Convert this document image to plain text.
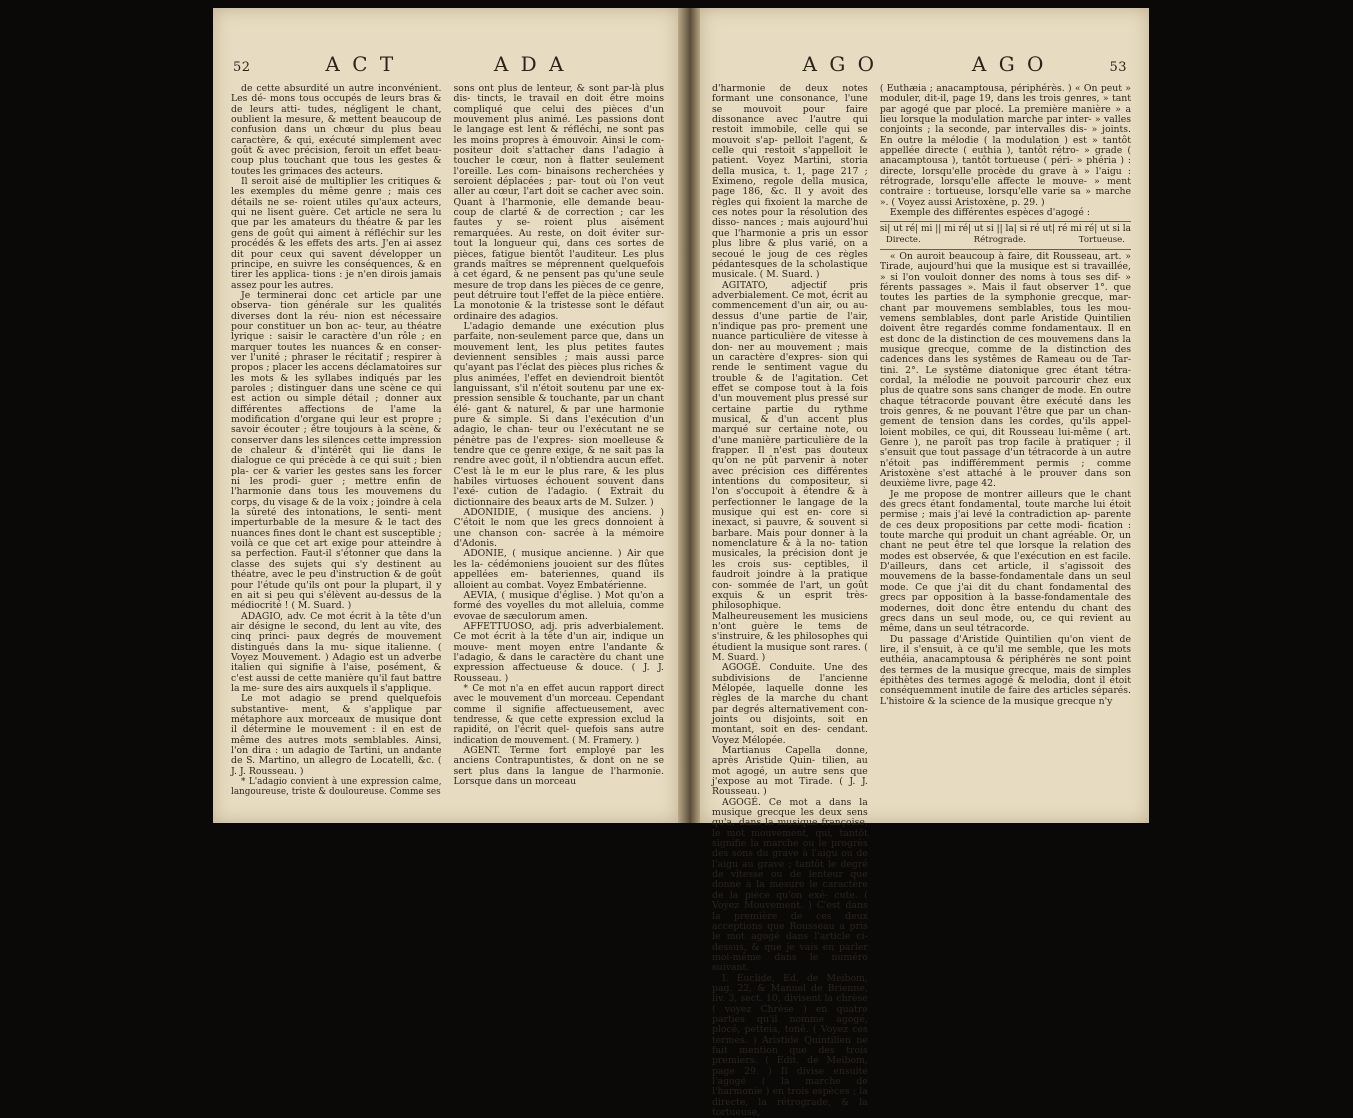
52	A C T	A D A

de cette absurdité un autre inconvénient. Les dé- mons tous occupés de leurs bras & de leurs atti- tudes, négligent le chant, oublient la mesure, & mettent beaucoup de confusion dans un chœur du plus beau caractère, & qui, exécuté simplement avec goût & avec précision, feroit un effet beau- coup plus touchant que tous les gestes & toutes les grimaces des acteurs.

Il seroit aisé de multiplier les critiques & les exemples du même genre ; mais ces détails ne se- roient utiles qu'aux acteurs, qui ne lisent guère. Cet article ne sera lu que par les amateurs du théatre & par les gens de goût qui aiment à réfléchir sur les procédés & les effets des arts. J'en ai assez dit pour ceux qui savent développer un principe, en suivre les conséquences, & en tirer les applica- tions : je n'en dirois jamais assez pour les autres.

Je terminerai donc cet article par une observa- tion générale sur les qualités diverses dont la réu- nion est nécessaire pour constituer un bon ac- teur, au théatre lyrique : saisir le caractère d'un rôle ; en marquer toutes les nuances & en conser- ver l'unité ; phraser le récitatif ; respirer à propos ; placer les accens déclamatoires sur les mots & les syllabes indiqués par les paroles ; distinguer dans une scène ce qui est action ou simple détail ; donner aux différentes affections de l'ame la modification d'organe qui leur est propre ; savoir écouter ; être toujours à la scène, & conserver dans les silences cette impression de chaleur & d'intérêt qui lie dans le dialogue ce qui précède à ce qui suit ; bien pla- cer & varier les gestes sans les forcer ni les prodi- guer ; mettre enfin de l'harmonie dans tous les mouvemens du corps, du visage & de la voix ; joindre à cela la sûreté des intonations, le senti- ment imperturbable de la mesure & le tact des nuances fines dont le chant est susceptible ; voilà ce que cet art exige pour atteindre à sa perfection. Faut-il s'étonner que dans la classe des sujets qui s'y destinent au théatre, avec le peu d'instruction & de goût pour l'étude qu'ils ont pour la plupart, il y en ait si peu qui s'élèvent au-dessus de la médiocrité ! ( M. Suard. )

ADAGIO, adv. Ce mot écrit à la tête d'un air désigne le second, du lent au vîte, des cinq princi- paux degrés de mouvement distingués dans la mu- sique italienne. ( Voyez Mouvement. ) Adagio est un adverbe italien qui signifie à l'aise, posément, & c'est aussi de cette manière qu'il faut battre la me- sure des airs auxquels il s'applique.

Le mot adagio se prend quelquefois substantive- ment, & s'applique par métaphore aux morceaux de musique dont il détermine le mouvement : il en est de même des autres mots semblables. Ainsi, l'on dira : un adagio de Tartini, un andante de S. Martino, un allegro de Locatelli, &c. ( J. J. Rousseau. )

* L'adagio convient à une expression calme, langoureuse, triste & douloureuse. Comme ses

sons ont plus de lenteur, & sont par-là plus dis- tincts, le travail en doit être moins compliqué que celui des pièces d'un mouvement plus animé. Les passions dont le langage est lent & réfléchi, ne sont pas les moins propres à émouvoir. Ainsi le com- positeur doit s'attacher dans l'adagio à toucher le cœur, non à flatter seulement l'oreille. Les com- binaisons recherchées y seroient déplacées ; par- tout où l'on veut aller au cœur, l'art doit se cacher avec soin. Quant à l'harmonie, elle demande beau- coup de clarté & de correction ; car les fautes y se- roient plus aisément remarquées. Au reste, on doit éviter sur-tout la longueur qui, dans ces sortes de pièces, fatigue bientôt l'auditeur. Les plus grands maîtres se méprennent quelquefois à cet égard, & ne pensent pas qu'une seule mesure de trop dans les pièces de ce genre, peut détruire tout l'effet de la pièce entière. La monotonie & la tristesse sont le défaut ordinaire des adagios.

L'adagio demande une exécution plus parfaite, non-seulement parce que, dans un mouvement lent, les plus petites fautes deviennent sensibles ; mais aussi parce qu'ayant pas l'éclat des pièces plus riches & plus animées, l'effet en deviendroit bientôt languissant, s'il n'étoit soutenu par une ex- pression sensible & touchante, par un chant élé- gant & naturel, & par une harmonie pure & simple. Si dans l'exécution d'un adagio, le chan- teur ou l'exécutant ne se pénètre pas de l'expres- sion moelleuse & tendre que ce genre exige, & ne sait pas la rendre avec goût, il n'obtiendra aucun effet. C'est là le m eur le plus rare, & les plus habiles virtuoses échouent souvent dans l'exé- cution de l'adagio. ( Extrait du dictionnaire des beaux arts de M. Sulzer. )

ADONIDIE, ( musique des anciens. ) C'étoit le nom que les grecs donnoient à une chanson con- sacrée à la mémoire d'Adonis.

ADONIE, ( musique ancienne. ) Air que les la- cédémoniens jouoient sur des flûtes appellées em- bateriennes, quand ils alloient au combat. Voyez Embatérienne.

AEVIA, ( musique d'église. ) Mot qu'on a formé des voyelles du mot alleluia, comme evovae de sæculorum amen.

AFFETTUOSO, adj. pris adverbialement. Ce mot écrit à la tête d'un air, indique un mouve- ment moyen entre l'andante & l'adagio, & dans le caractère du chant une expression affectueuse & douce. ( J. J. Rousseau. )

* Ce mot n'a en effet aucun rapport direct avec le mouvement d'un morceau. Cependant comme il signifie affectueusement, avec tendresse, & que cette expression exclud la rapidité, on l'écrit quel- quefois sans autre indication de mouvement. ( M. Framery. )

AGENT. Terme fort employé par les anciens Contrapuntistes, & dont on ne se sert plus dans la langue de l'harmonie. Lorsque dans un morceau

A G O	A G O	53

d'harmonie de deux notes formant une consonance, l'une se mouvoit pour faire dissonance avec l'autre qui restoit immobile, celle qui se mouvoit s'ap- pelloit l'agent, & celle qui restoit s'appelloit le patient. Voyez Martini, storia della musica, t. 1, page 217 ; Eximeno, regole della musica, page 186, &c. Il y avoit des règles qui fixoient la marche de ces notes pour la résolution des disso- nances ; mais aujourd'hui que l'harmonie a pris un essor plus libre & plus varié, on a secoué le joug de ces règles pédantesques de la scholastique musicale. ( M. Suard. )

AGITATO, adjectif pris adverbialement. Ce mot, écrit au commencement d'un air, ou au- dessus d'une partie de l'air, n'indique pas pro- prement une nuance particulière de vitesse à don- ner au mouvement ; mais un caractère d'expres- sion qui rende le sentiment vague du trouble & de l'agitation. Cet effet se compose tout à la fois d'un mouvement plus pressé sur certaine partie du rythme musical, & d'un accent plus marqué sur certaine note, ou d'une manière particulière de la frapper. Il n'est pas douteux qu'on ne pût parvenir à noter avec précision ces différentes intentions du compositeur, si l'on s'occupoit à étendre & à perfectionner le langage de la musique qui est en- core si inexact, si pauvre, & souvent si barbare. Mais pour donner à la nomenclature & à la no- tation musicales, la précision dont je les crois sus- ceptibles, il faudroit joindre à la pratique con- sommée de l'art, un goût exquis & un esprit très- philosophique. Malheureusement les musiciens n'ont guère le tems de s'instruire, & les philosophes qui étudient la musique sont rares. ( M. Suard. )

AGOGÉ. Conduite. Une des subdivisions de l'ancienne Mélopée, laquelle donne les règles de la marche du chant par degrés alternativement con- joints ou disjoints, soit en montant, soit en des- cendant. Voyez Mélopée.

Martianus Capella donne, après Aristide Quin- tilien, au mot agogé, un autre sens que j'expose au mot Tirade. ( J. J. Rousseau. )

AGOGÉ. Ce mot a dans la musique grecque les deux sens qu'a, dans la musique françoise, le mot mouvement, qui, tantôt signifie la marche ou le progrès des sons du grave à l'aigu ou de l'aigu au grave ; tantôt le degré de vîtesse ou de lenteur que donne à la mesure le caractère de la pièce qu'on exé- cute. ( Voyez Mouvement. ) C'est dans la première de ces deux acceptions que Rousseau a pris le mot agogé dans l'article ci-dessus, & que je vais en parler moi-même dans le numéro suivant.

I. Euclide, Ed. de Meibom, pag. 22, & Manuel de Brienne, liv. 3, sect. 10, divisent la chrèse ( voyez Chrèse ) en quatre parties qu'il nomme agogé, plocé, petteia, tonê. ( Voyez ces termes. ) Aristide Quintilien ne fait mention que des trois premiers. ( Edit. de Meibom, page 29. ) Il divise ensuite l'agogé ( la marche de l'harmonie ) en trois espèces ; la directe, la rétrograde, & la tortueuse,

( Euthæia ; anacamptousa, périphérès. ) « On peut » moduler, dit-il, page 19, dans les trois genres, » tant par agogé que par plocé. La première manière » a lieu lorsque la modulation marche par inter- » valles conjoints ; la seconde, par intervalles dis- » joints. En outre la mélodie ( la modulation ) est » tantôt appellée directe ( euthia ), tantôt rétro- » grade ( anacamptousa ), tantôt tortueuse ( péri- » phéria ) : directe, lorsqu'elle procède du grave à » l'aigu : rétrograde, lorsqu'elle affecte le mouve- » ment contraire : tortueuse, lorsqu'elle varie sa » marche ». ( Voyez aussi Aristoxène, p. 29. )

Exemple des différentes espèces d'agogé :

si| ut ré| mi || mi ré| ut si || la| si ré ut| ré mi ré| ut si la
Directe.	Rétrograde.	Tortueuse.

« On auroit beaucoup à faire, dit Rousseau, art. » Tirade, aujourd'hui que la musique est si travaillée, » si l'on vouloit donner des noms à tous ses dif- » férents passages ». Mais il faut observer 1°. que toutes les parties de la symphonie grecque, mar- chant par mouvemens semblables, tous les mou- vemens semblables, dont parle Aristide Quintilien doivent être regardés comme fondamentaux. Il en est donc de la distinction de ces mouvemens dans la musique grecque, comme de la distinction des cadences dans les systêmes de Rameau ou de Tar- tini. 2°. Le systême diatonique grec étant tétra- cordal, la mélodie ne pouvoit parcourir chez eux plus de quatre sons sans changer de mode. En outre chaque tétracorde pouvant être exécuté dans les trois genres, & ne pouvant l'être que par un chan- gement de tension dans les cordes, qu'ils appel- loient mobiles, ce qui, dit Rousseau lui-même ( art. Genre ), ne paroît pas trop facile à pratiquer ; il s'ensuit que tout passage d'un tétracorde à un autre n'étoit pas indifféremment permis ; comme Aristoxène s'est attaché à le prouver dans son deuxième livre, page 42.

Je me propose de montrer ailleurs que le chant des grecs étant fondamental, toute marche lui étoit permise ; mais j'ai levé la contradiction ap- parente de ces deux propositions par cette modi- fication : toute marche qui produit un chant agréable. Or, un chant ne peut être tel que lorsque la relation des modes est observée, & que l'exécution en est facile. D'ailleurs, dans cet article, il s'agissoit des mouvemens de la basse-fondamentale dans un seul mode. Ce que j'ai dit du chant fondamental des grecs par opposition à la basse-fondamentale des modernes, doit donc être entendu du chant des grecs dans un seul mode, ou, ce qui revient au même, dans un seul tétracorde.

Du passage d'Aristide Quintilien qu'on vient de lire, il s'ensuit, à ce qu'il me semble, que les mots euthéia, anacamptousa & périphérès ne sont point des termes de la musique grecque, mais de simples épithètes des termes agogé & melodia, dont il étoit conséquemment inutile de faire des articles séparés. L'histoire & la science de la musique grecque n'y
